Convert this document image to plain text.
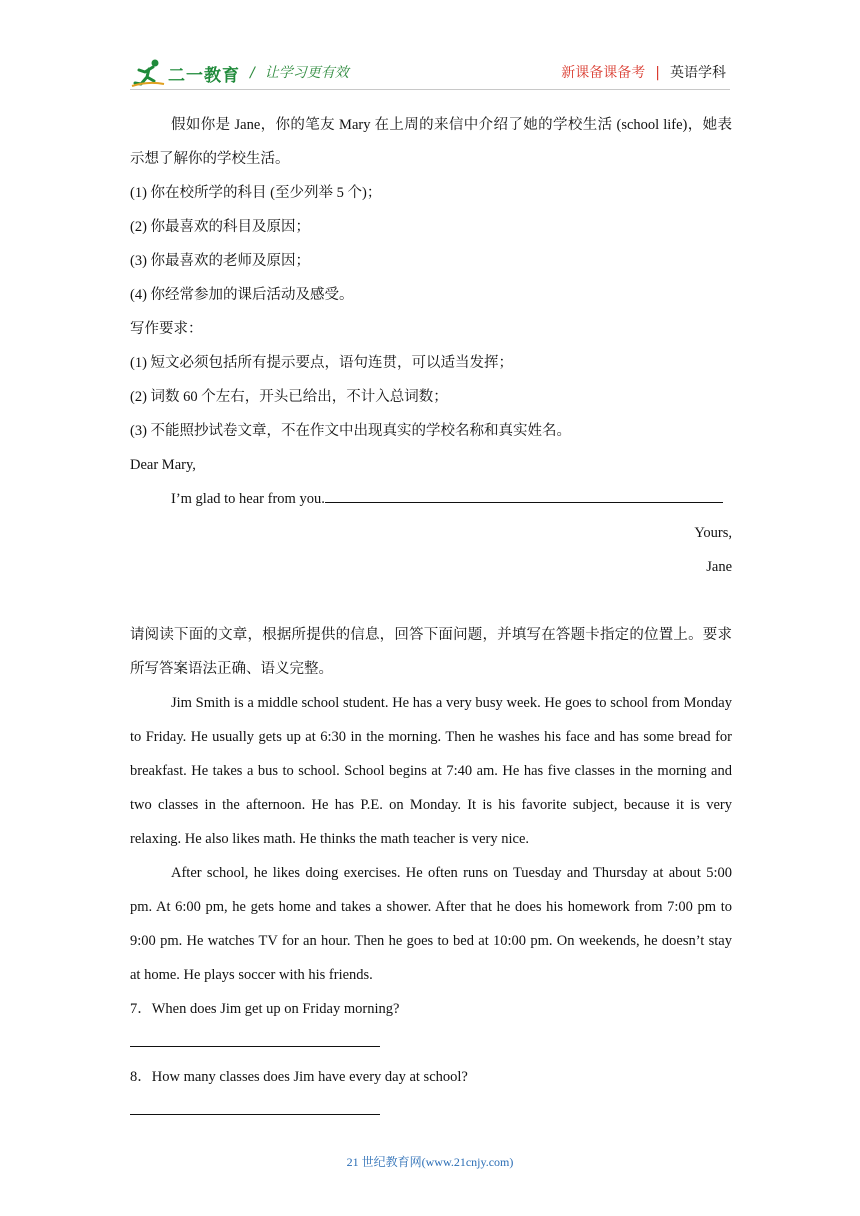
二一教育 / 让学习更有效	新课备课备考 | 英语学科

假如你是 Jane，你的笔友 Mary 在上周的来信中介绍了她的学校生活 (school life)，她表示想了解你的学校生活。

(1) 你在校所学的科目 (至少列举 5 个)；

(2) 你最喜欢的科目及原因；

(3) 你最喜欢的老师及原因；

(4) 你经常参加的课后活动及感受。

写作要求：

(1) 短文必须包括所有提示要点，语句连贯，可以适当发挥；

(2) 词数 60 个左右，开头已给出，不计入总词数；

(3) 不能照抄试卷文章，不在作文中出现真实的学校名称和真实姓名。

Dear Mary,

I’m glad to hear from you.

Yours,

Jane

请阅读下面的文章，根据所提供的信息，回答下面问题，并填写在答题卡指定的位置上。要求所写答案语法正确、语义完整。

Jim Smith is a middle school student. He has a very busy week. He goes to school from Monday to Friday. He usually gets up at 6:30 in the morning. Then he washes his face and has some bread for breakfast. He takes a bus to school. School begins at 7:40 am. He has five classes in the morning and two classes in the afternoon. He has P.E. on Monday. It is his favorite subject, because it is very relaxing. He also likes math. He thinks the math teacher is very nice.

After school, he likes doing exercises. He often runs on Tuesday and Thursday at about 5:00 pm. At 6:00 pm, he gets home and takes a shower. After that he does his homework from 7:00 pm to 9:00 pm. He watches TV for an hour. Then he goes to bed at 10:00 pm. On weekends, he doesn’t stay at home. He plays soccer with his friends.

7．When does Jim get up on Friday morning?

8．How many classes does Jim have every day at school?

21 世纪教育网(www.21cnjy.com)
